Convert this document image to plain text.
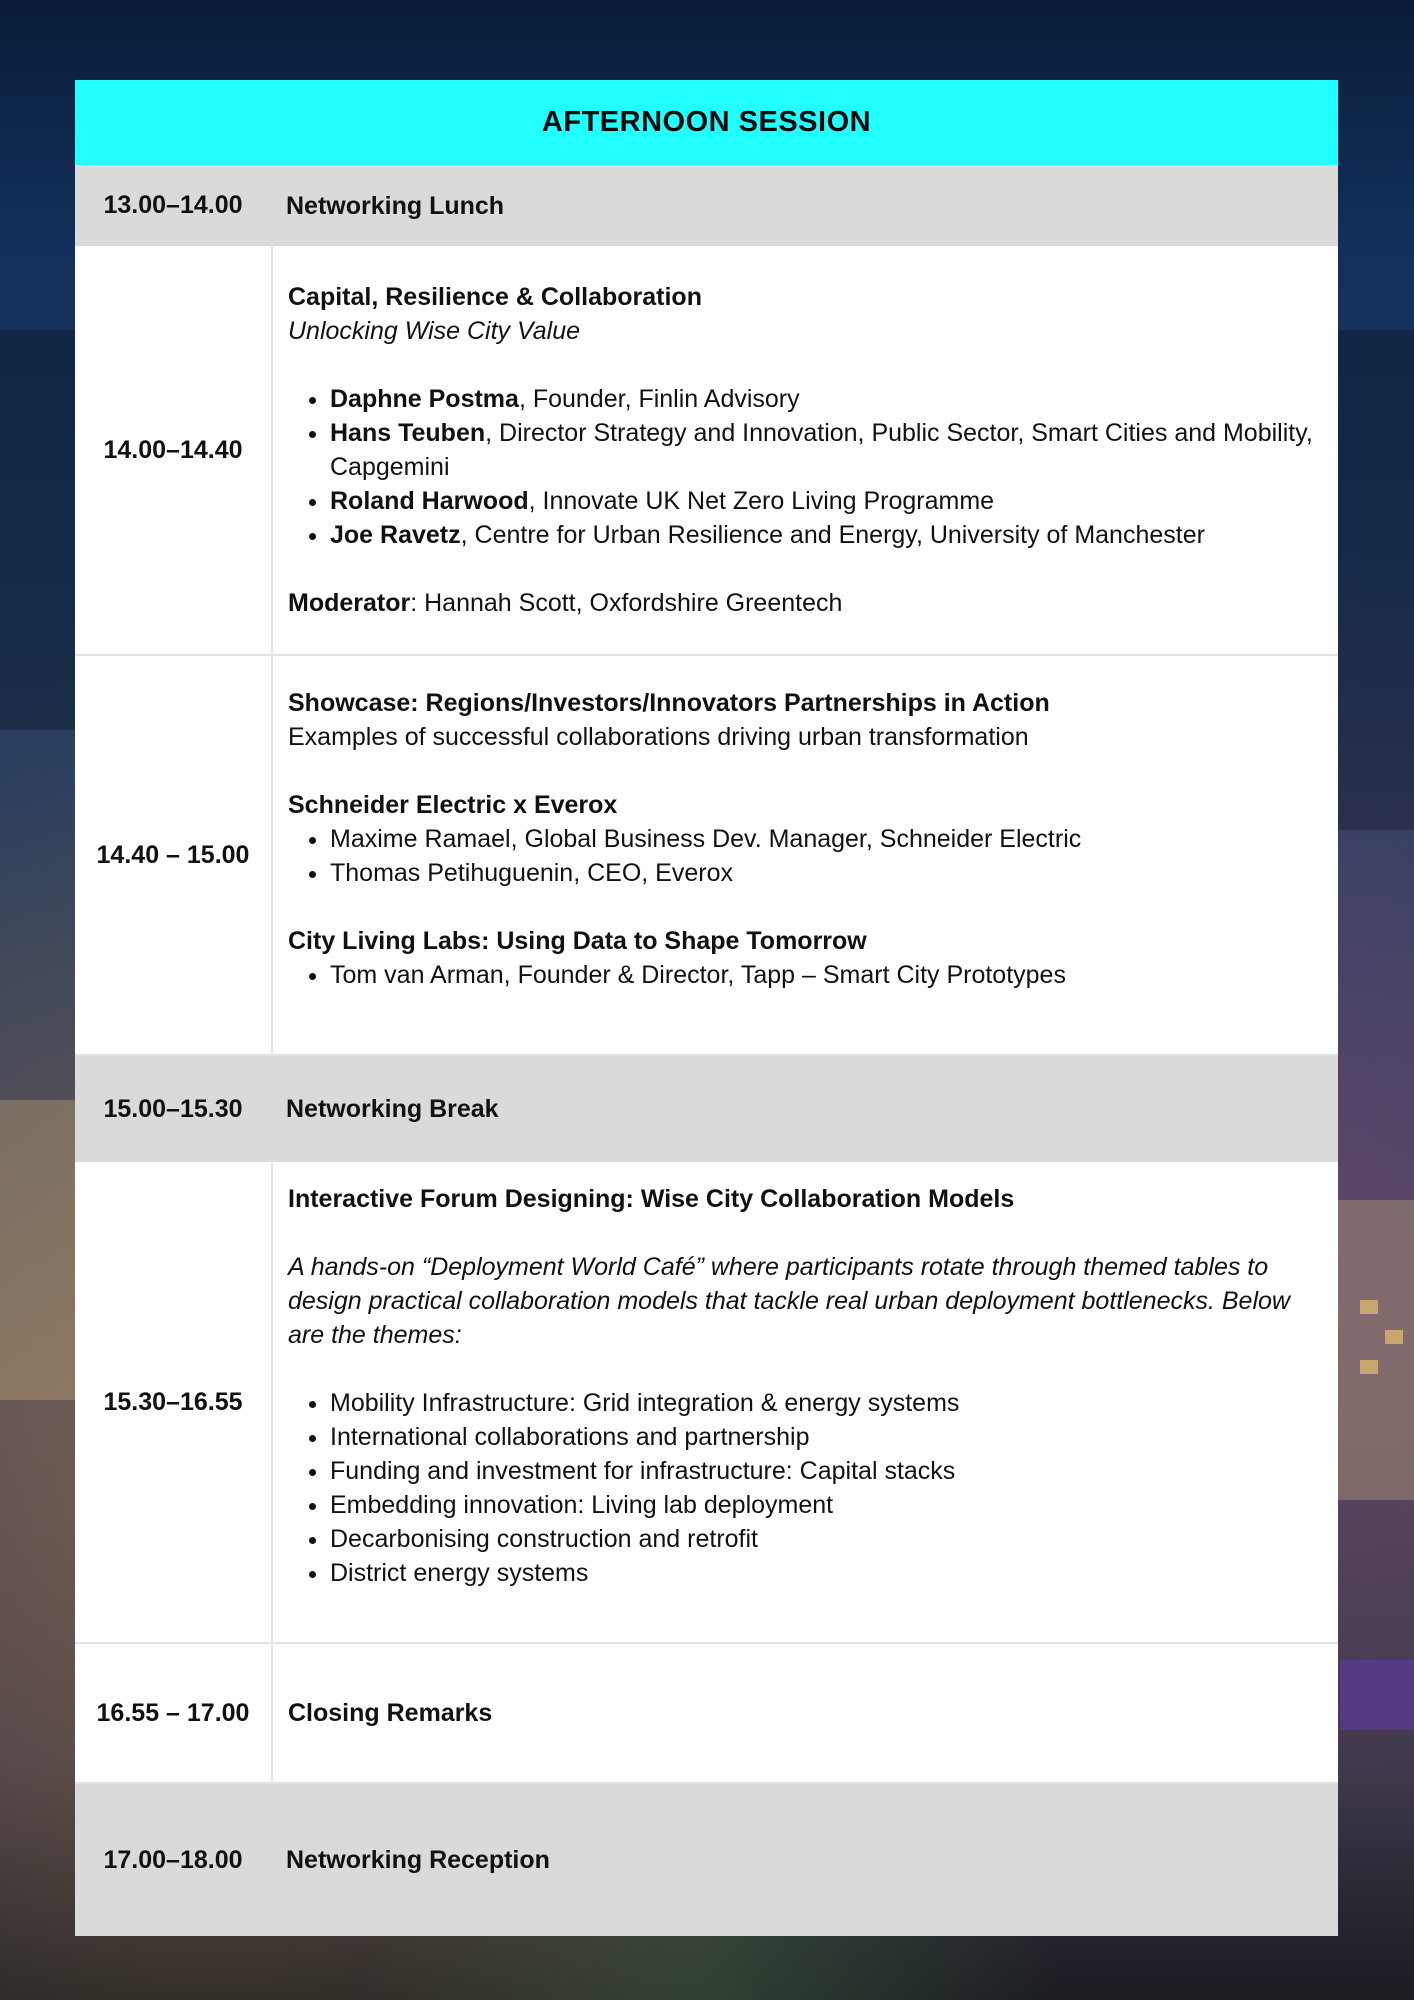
AFTERNOON SESSION
13.00–14.00	Networking Lunch
14.00–14.40
Capital, Resilience & Collaboration
Unlocking Wise City Value
• Daphne Postma, Founder, Finlin Advisory
• Hans Teuben, Director Strategy and Innovation, Public Sector, Smart Cities and Mobility, Capgemini
• Roland Harwood, Innovate UK Net Zero Living Programme
• Joe Ravetz, Centre for Urban Resilience and Energy, University of Manchester
Moderator: Hannah Scott, Oxfordshire Greentech
14.40 – 15.00
Showcase: Regions/Investors/Innovators Partnerships in Action
Examples of successful collaborations driving urban transformation
Schneider Electric x Everox
• Maxime Ramael, Global Business Dev. Manager, Schneider Electric
• Thomas Petihuguenin, CEO, Everox
City Living Labs: Using Data to Shape Tomorrow
• Tom van Arman, Founder & Director, Tapp – Smart City Prototypes
15.00–15.30	Networking Break
15.30–16.55
Interactive Forum Designing: Wise City Collaboration Models
A hands-on “Deployment World Café” where participants rotate through themed tables to design practical collaboration models that tackle real urban deployment bottlenecks. Below are the themes:
• Mobility Infrastructure: Grid integration & energy systems
• International collaborations and partnership
• Funding and investment for infrastructure: Capital stacks
• Embedding innovation: Living lab deployment
• Decarbonising construction and retrofit
• District energy systems
16.55 – 17.00	Closing Remarks
17.00–18.00	Networking Reception
